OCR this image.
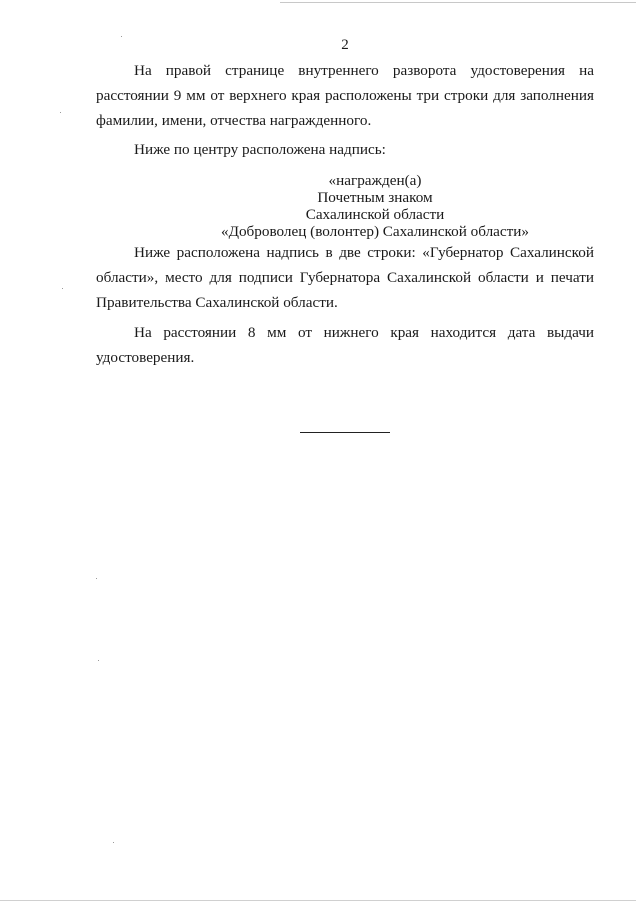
2
На правой странице внутреннего разворота удостоверения на
расстоянии 9 мм от верхнего края расположены три строки для заполнения
фамилии, имени, отчества награжденного.
Ниже по центру расположена надпись:
«награжден(а)
Почетным знаком
Сахалинской области
«Доброволец (волонтер) Сахалинской области»
Ниже расположена надпись в две строки: «Губернатор Сахалинской
области», место для подписи Губернатора Сахалинской области и печати
Правительства Сахалинской области.
На расстоянии 8 мм от нижнего края находится дата выдачи
удостоверения.
